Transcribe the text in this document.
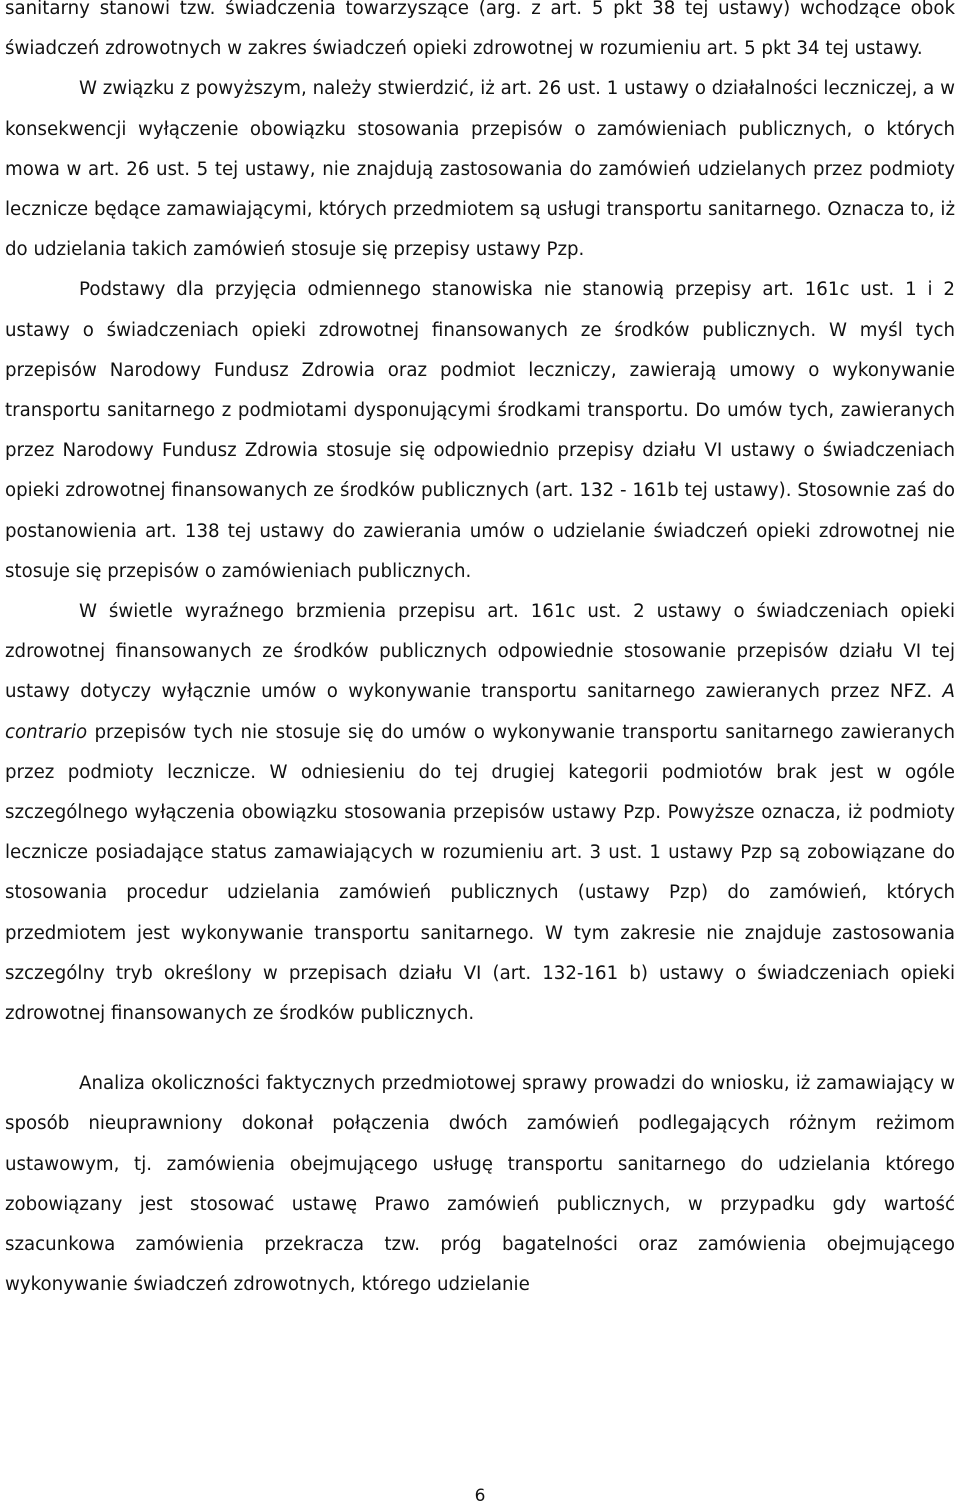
sanitarny stanowi tzw. świadczenia towarzyszące (arg. z art. 5 pkt 38 tej ustawy) wchodzące obok świadczeń zdrowotnych w zakres świadczeń opieki zdrowotnej w rozumieniu art. 5 pkt 34 tej ustawy.

W związku z powyższym, należy stwierdzić, iż art. 26 ust. 1 ustawy o działalności leczniczej, a w konsekwencji wyłączenie obowiązku stosowania przepisów o zamówieniach publicznych, o których mowa w art. 26 ust. 5 tej ustawy, nie znajdują zastosowania do zamówień udzielanych przez podmioty lecznicze będące zamawiającymi, których przedmiotem są usługi transportu sanitarnego. Oznacza to, iż do udzielania takich zamówień stosuje się przepisy ustawy Pzp.

Podstawy dla przyjęcia odmiennego stanowiska nie stanowią przepisy art. 161c ust. 1 i 2 ustawy o świadczeniach opieki zdrowotnej finansowanych ze środków publicznych. W myśl tych przepisów Narodowy Fundusz Zdrowia oraz podmiot leczniczy, zawierają umowy o wykonywanie transportu sanitarnego z podmiotami dysponującymi środkami transportu. Do umów tych, zawieranych przez Narodowy Fundusz Zdrowia stosuje się odpowiednio przepisy działu VI ustawy o świadczeniach opieki zdrowotnej finansowanych ze środków publicznych (art. 132 - 161b tej ustawy). Stosownie zaś do postanowienia art. 138 tej ustawy do zawierania umów o udzielanie świadczeń opieki zdrowotnej nie stosuje się przepisów o zamówieniach publicznych.

W świetle wyraźnego brzmienia przepisu art. 161c ust. 2 ustawy o świadczeniach opieki zdrowotnej finansowanych ze środków publicznych odpowiednie stosowanie przepisów działu VI tej ustawy dotyczy wyłącznie umów o wykonywanie transportu sanitarnego zawieranych przez NFZ. A contrario przepisów tych nie stosuje się do umów o wykonywanie transportu sanitarnego zawieranych przez podmioty lecznicze. W odniesieniu do tej drugiej kategorii podmiotów brak jest w ogóle szczególnego wyłączenia obowiązku stosowania przepisów ustawy Pzp. Powyższe oznacza, iż podmioty lecznicze posiadające status zamawiających w rozumieniu art. 3 ust. 1 ustawy Pzp są zobowiązane do stosowania procedur udzielania zamówień publicznych (ustawy Pzp) do zamówień, których przedmiotem jest wykonywanie transportu sanitarnego. W tym zakresie nie znajduje zastosowania szczególny tryb określony w przepisach działu VI (art. 132-161 b) ustawy o świadczeniach opieki zdrowotnej finansowanych ze środków publicznych.

Analiza okoliczności faktycznych przedmiotowej sprawy prowadzi do wniosku, iż zamawiający w sposób nieuprawniony dokonał połączenia dwóch zamówień podlegających różnym reżimom ustawowym, tj. zamówienia obejmującego usługę transportu sanitarnego do udzielania którego zobowiązany jest stosować ustawę Prawo zamówień publicznych, w przypadku gdy wartość szacunkowa zamówienia przekracza tzw. próg bagatelności oraz zamówienia obejmującego wykonywanie świadczeń zdrowotnych, którego udzielanie

6
